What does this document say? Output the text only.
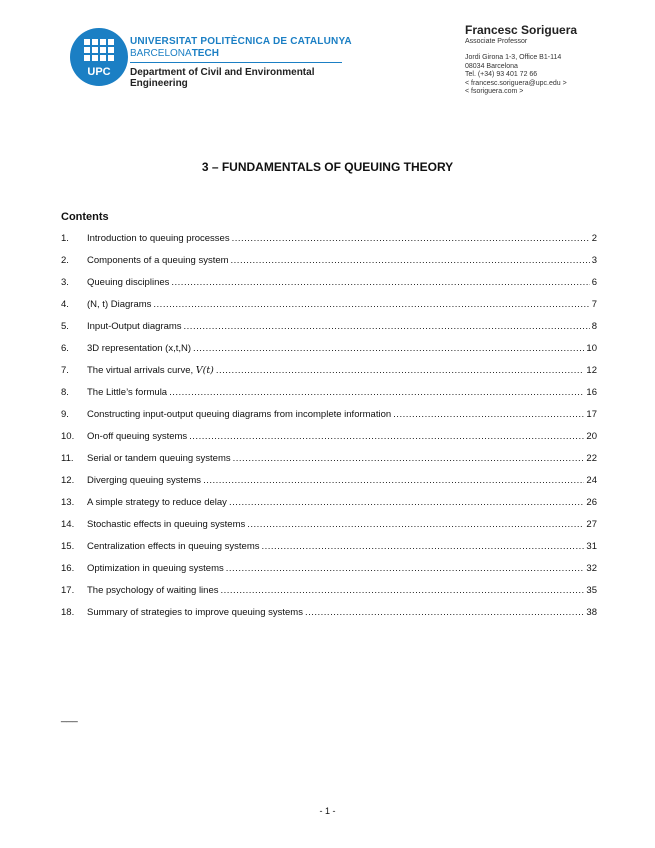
UPC
UNIVERSITAT POLITÈCNICA DE CATALUNYA
BARCELONATECH
Department of Civil and Environmental
Engineering
Francesc Soriguera
Associate Professor
Jordi Girona 1-3, Office B1-114
08034 Barcelona
Tel. (+34) 93 401 72 66
< francesc.soriguera@upc.edu >
< fsoriguera.com >
3 – FUNDAMENTALS OF QUEUING THEORY
Contents
1.	Introduction to queuing processes .....	2
2.	Components of a queuing system .....	3
3.	Queuing disciplines .....	6
4.	(N, t) Diagrams .....	7
5.	Input-Output diagrams .....	8
6.	3D representation (x,t,N) .....	10
7.	The virtual arrivals curve, V(t) .....	12
8.	The Little’s formula .....	16
9.	Constructing input-output queuing diagrams from incomplete information .....	17
10.	On-off queuing systems .....	20
11.	Serial or tandem queuing systems .....	22
12.	Diverging queuing systems .....	24
13.	A simple strategy to reduce delay .....	26
14.	Stochastic effects in queuing systems .....	27
15.	Centralization effects in queuing systems .....	31
16.	Optimization in queuing systems .....	32
17.	The psychology of waiting lines .....	35
18.	Summary of strategies to improve queuing systems .....	38
___
- 1 -
